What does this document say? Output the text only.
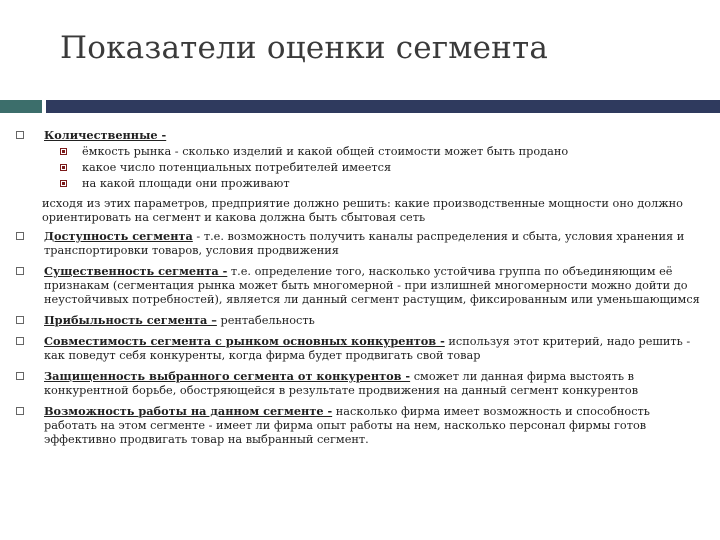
Показатели оценки сегмента
Количественные -
ёмкость рынка - сколько изделий и какой общей стоимости может быть продано
какое число потенциальных потребителей имеется
на какой площади они проживают
исходя из этих параметров, предприятие должно решить: какие производственные мощности оно должно ориентировать на сегмент и какова должна быть сбытовая сеть
Доступность сегмента - т.е. возможность получить каналы распределения и сбыта, условия хранения и транспортировки товаров, условия продвижения
Существенность сегмента - т.е. определение того, насколько устойчива группа по объединяющим её признакам (сегментация рынка может быть многомерной - при излишней многомерности можно дойти до неустойчивых потребностей), является ли данный сегмент растущим, фиксированным или уменьшающимся
Прибыльность сегмента – рентабельность
Совместимость сегмента с рынком основных конкурентов - используя этот критерий, надо решить - как поведут себя конкуренты, когда фирма будет продвигать свой товар
Защищенность выбранного сегмента от конкурентов - сможет ли данная фирма выстоять в конкурентной борьбе, обостряющейся в результате продвижения на данный сегмент конкурентов
Возможность работы на данном сегменте - насколько фирма имеет возможность и способность работать на этом сегменте - имеет ли фирма опыт работы на нем, насколько персонал фирмы готов эффективно продвигать товар на выбранный сегмент.
